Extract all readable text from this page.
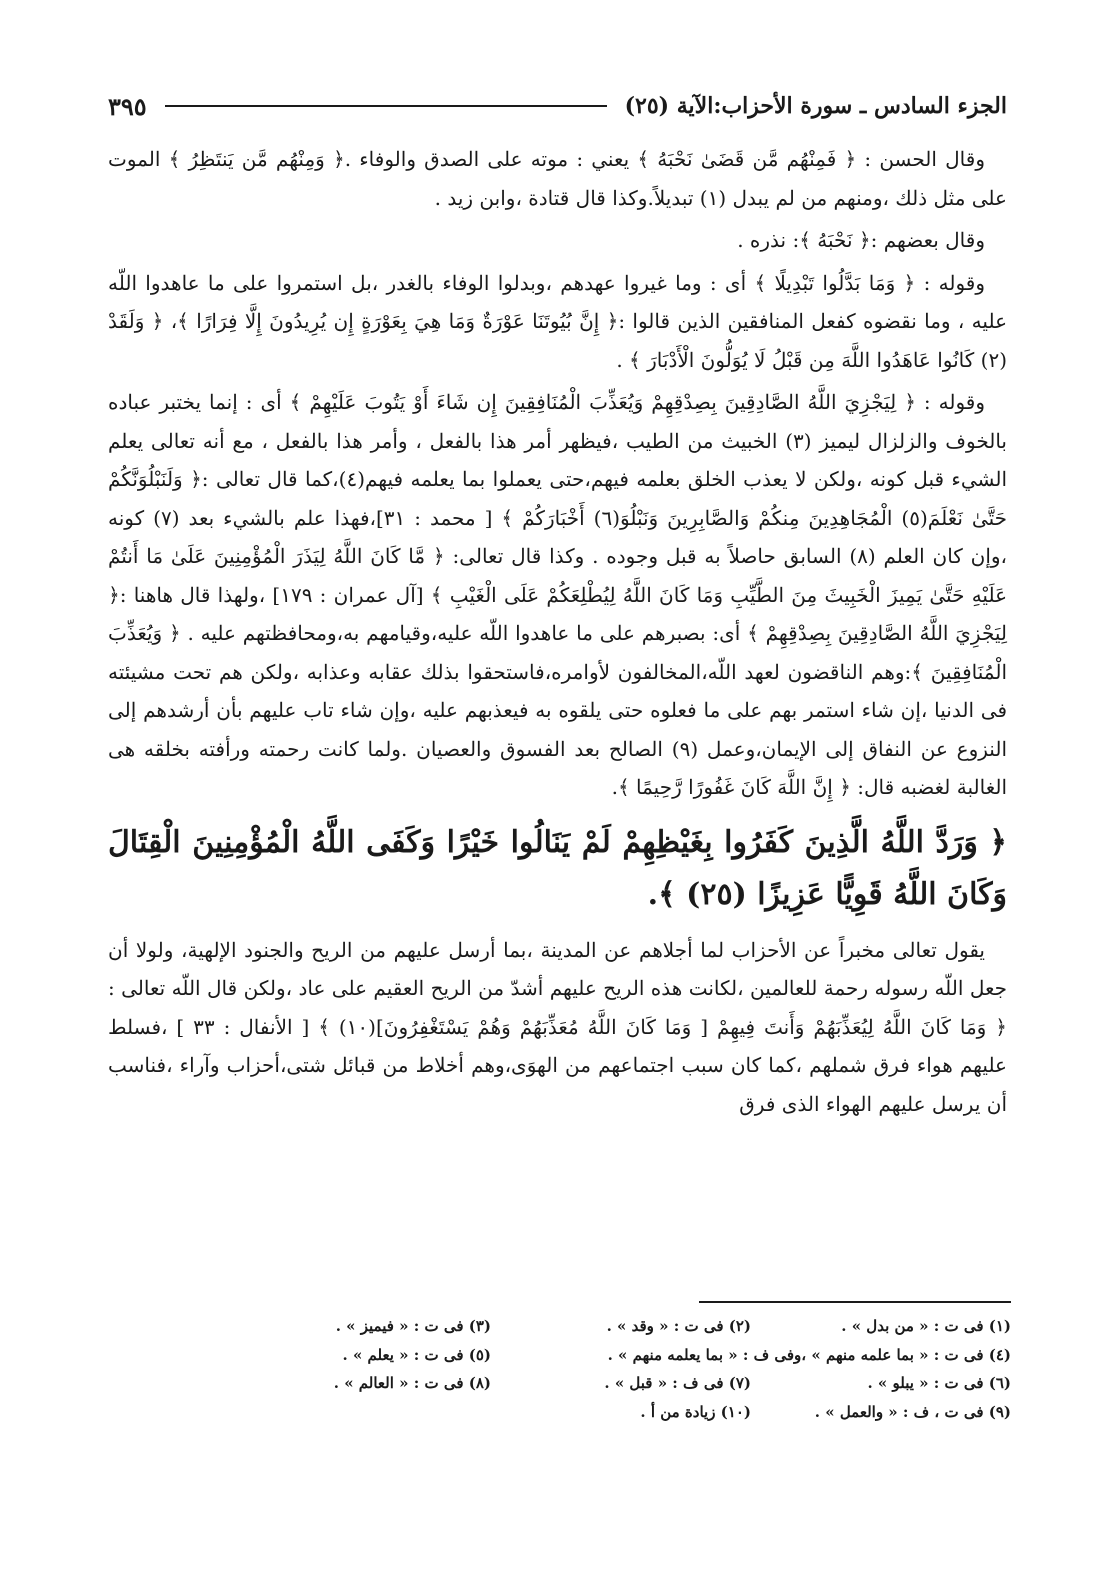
الجزء السادس ـ سورة الأحزاب:الآية (٢٥)
٣٩٥

وقال الحسن : ﴿ فَمِنْهُم مَّن قَضَىٰ نَحْبَهُ ﴾ يعني : موته على الصدق والوفاء .﴿ وَمِنْهُم مَّن يَنتَظِرُ ﴾ الموت على مثل ذلك ،ومنهم من لم يبدل (١) تبديلاً.وكذا قال قتادة ،وابن زيد .

وقال بعضهم :﴿ نَحْبَهُ ﴾: نذره .

وقوله : ﴿ وَمَا بَدَّلُوا تَبْدِيلًا ﴾ أى : وما غيروا عهدهم ،وبدلوا الوفاء بالغدر ،بل استمروا على ما عاهدوا اللّه عليه ، وما نقضوه كفعل المنافقين الذين قالوا :﴿ إِنَّ بُيُوتَنَا عَوْرَةٌ وَمَا هِيَ بِعَوْرَةٍ إِن يُرِيدُونَ إِلَّا فِرَارًا ﴾، ﴿ وَلَقَدْ (٢) كَانُوا عَاهَدُوا اللَّهَ مِن قَبْلُ لَا يُوَلُّونَ الْأَدْبَارَ ﴾ .

وقوله : ﴿ لِيَجْزِيَ اللَّهُ الصَّادِقِينَ بِصِدْقِهِمْ وَيُعَذِّبَ الْمُنَافِقِينَ إِن شَاءَ أَوْ يَتُوبَ عَلَيْهِمْ ﴾ أى : إنما يختبر عباده بالخوف والزلزال ليميز (٣) الخبيث من الطيب ،فيظهر أمر هذا بالفعل ، وأمر هذا بالفعل ، مع أنه تعالى يعلم الشيء قبل كونه ،ولكن لا يعذب الخلق بعلمه فيهم،حتى يعملوا بما يعلمه فيهم(٤)،كما قال تعالى :﴿ وَلَنَبْلُوَنَّكُمْ حَتَّىٰ نَعْلَمَ(٥) الْمُجَاهِدِينَ مِنكُمْ وَالصَّابِرِينَ وَنَبْلُوَ(٦) أَخْبَارَكُمْ ﴾ [ محمد : ٣١]،فهذا علم بالشيء بعد (٧) كونه ،وإن كان العلم (٨) السابق حاصلاً به قبل وجوده . وكذا قال تعالى: ﴿ مَّا كَانَ اللَّهُ لِيَذَرَ الْمُؤْمِنِينَ عَلَىٰ مَا أَنتُمْ عَلَيْهِ حَتَّىٰ يَمِيزَ الْخَبِيثَ مِنَ الطَّيِّبِ وَمَا كَانَ اللَّهُ لِيُطْلِعَكُمْ عَلَى الْغَيْبِ ﴾ [آل عمران : ١٧٩] ،ولهذا قال هاهنا :﴿ لِيَجْزِيَ اللَّهُ الصَّادِقِينَ بِصِدْقِهِمْ ﴾ أى: بصبرهم على ما عاهدوا اللّه عليه،وقيامهم به،ومحافظتهم عليه . ﴿ وَيُعَذِّبَ الْمُنَافِقِينَ ﴾:وهم الناقضون لعهد اللّه،المخالفون لأوامره،فاستحقوا بذلك عقابه وعذابه ،ولكن هم تحت مشيئته فى الدنيا ،إن شاء استمر بهم على ما فعلوه حتى يلقوه به فيعذبهم عليه ،وإن شاء تاب عليهم بأن أرشدهم إلى النزوع عن النفاق إلى الإيمان،وعمل (٩) الصالح بعد الفسوق والعصيان .ولما كانت رحمته ورأفته بخلقه هى الغالبة لغضبه قال: ﴿ إِنَّ اللَّهَ كَانَ غَفُورًا رَّحِيمًا ﴾.

﴿ وَرَدَّ اللَّهُ الَّذِينَ كَفَرُوا بِغَيْظِهِمْ لَمْ يَنَالُوا خَيْرًا وَكَفَى اللَّهُ الْمُؤْمِنِينَ الْقِتَالَ وَكَانَ اللَّهُ قَوِيًّا عَزِيزًا (٢٥) ﴾.

يقول تعالى مخبراً عن الأحزاب لما أجلاهم عن المدينة ،بما أرسل عليهم من الريح والجنود الإلهية، ولولا أن جعل اللّه رسوله رحمة للعالمين ،لكانت هذه الريح عليهم أشدّ من الريح العقيم على عاد ،ولكن قال اللّه تعالى : ﴿ وَمَا كَانَ اللَّهُ لِيُعَذِّبَهُمْ وَأَنتَ فِيهِمْ [ وَمَا كَانَ اللَّهُ مُعَذِّبَهُمْ وَهُمْ يَسْتَغْفِرُونَ](١٠) ﴾ [ الأنفال : ٣٣ ] ،فسلط عليهم هواء فرق شملهم ،كما كان سبب اجتماعهم من الهوَى،وهم أخلاط من قبائل شتى،أحزاب وآراء ،فناسب أن يرسل عليهم الهواء الذى فرق

(١) فى ت : « من بدل » .
(٢) فى ت : « وقد » .
(٣) فى ت : « فيميز » .
(٤) فى ت : « بما علمه منهم » ،وفى ف : « بما يعلمه منهم » .
(٥) فى ت : « يعلم » .
(٦) فى ت : « يبلو » .
(٧) فى ف : « قبل » .
(٨) فى ت : « العالم » .
(٩) فى ت ، ف : « والعمل » .
(١٠) زيادة من أ .
